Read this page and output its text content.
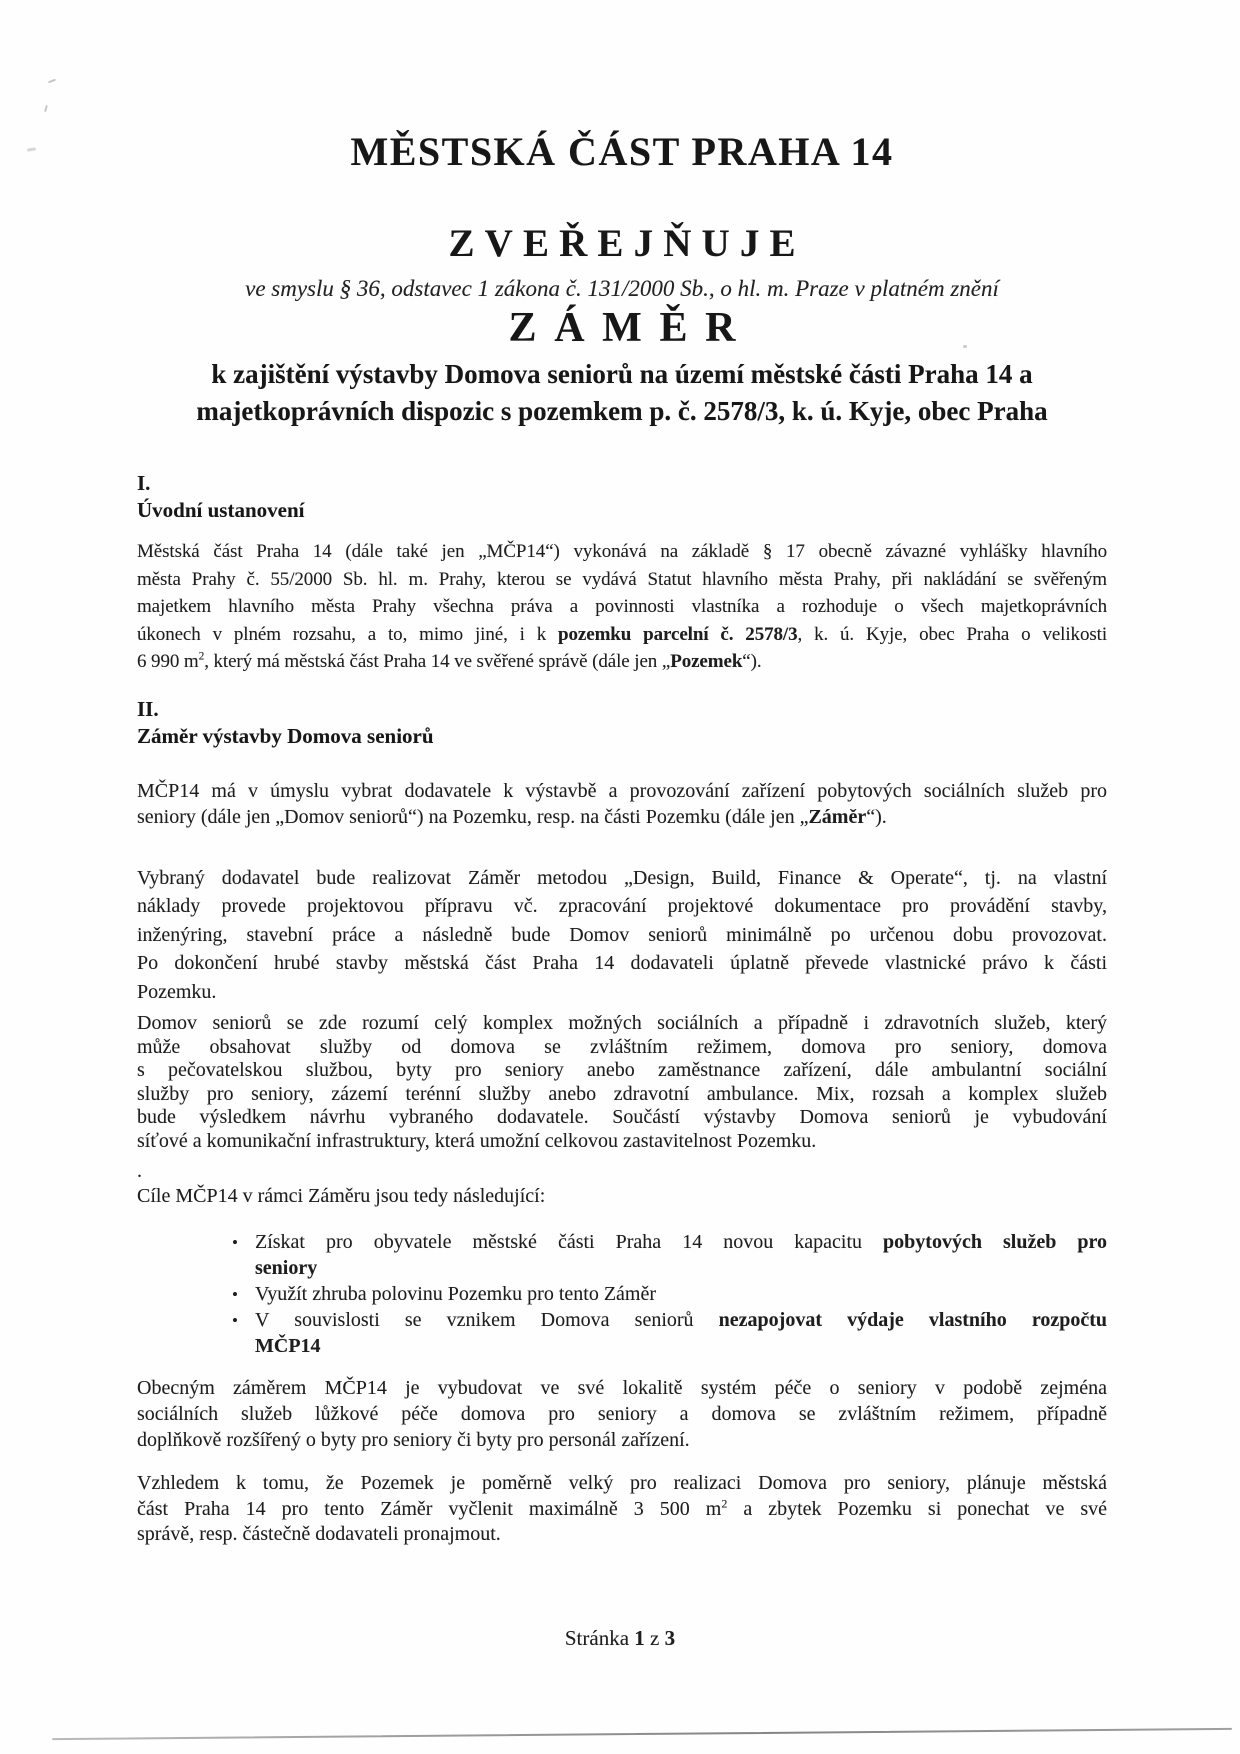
MĚSTSKÁ ČÁST PRAHA 14
ZVEŘEJŇUJE
ve smyslu § 36, odstavec 1 zákona č. 131/2000 Sb., o hl. m. Praze v platném znění
ZÁMĚR
k zajištění výstavby Domova seniorů na území městské části Praha 14 a
majetkoprávních dispozic s pozemkem p. č. 2578/3, k. ú. Kyje, obec Praha
I.
Úvodní ustanovení
Městská část Praha 14 (dále také jen „MČP14“) vykonává na základě § 17 obecně závazné vyhlášky hlavního
města Prahy č. 55/2000 Sb. hl. m. Prahy, kterou se vydává Statut hlavního města Prahy, při nakládání se svěřeným
majetkem hlavního města Prahy všechna práva a povinnosti vlastníka a rozhoduje o všech majetkoprávních
úkonech v plném rozsahu, a to, mimo jiné, i k pozemku parcelní č. 2578/3, k. ú. Kyje, obec Praha o velikosti
6 990 $m^2$, který má městská část Praha 14 ve svěřené správě (dále jen „Pozemek“).
II.
Záměr výstavby Domova seniorů
MČP14 má v úmyslu vybrat dodavatele k výstavbě a provozování zařízení pobytových sociálních služeb pro
seniory (dále jen „Domov seniorů“) na Pozemku, resp. na části Pozemku (dále jen „Záměr“).
Vybraný dodavatel bude realizovat Záměr metodou „Design, Build, Finance & Operate“, tj. na vlastní
náklady provede projektovou přípravu vč. zpracování projektové dokumentace pro provádění stavby,
inženýring, stavební práce a následně bude Domov seniorů minimálně po určenou dobu provozovat.
Po dokončení hrubé stavby městská část Praha 14 dodavateli úplatně převede vlastnické právo k části
Pozemku.
Domov seniorů se zde rozumí celý komplex možných sociálních a případně i zdravotních služeb, který
může obsahovat služby od domova se zvláštním režimem, domova pro seniory, domova
s pečovatelskou službou, byty pro seniory anebo zaměstnance zařízení, dále ambulantní sociální
služby pro seniory, zázemí terénní služby anebo zdravotní ambulance. Mix, rozsah a komplex služeb
bude výsledkem návrhu vybraného dodavatele. Součástí výstavby Domova seniorů je vybudování
síťové a komunikační infrastruktury, která umožní celkovou zastavitelnost Pozemku.
.
Cíle MČP14 v rámci Záměru jsou tedy následující:
• Získat pro obyvatele městské části Praha 14 novou kapacitu pobytových služeb pro
seniory
• Využít zhruba polovinu Pozemku pro tento Záměr
• V souvislosti se vznikem Domova seniorů nezapojovat výdaje vlastního rozpočtu
MČP14
Obecným záměrem MČP14 je vybudovat ve své lokalitě systém péče o seniory v podobě zejména
sociálních služeb lůžkové péče domova pro seniory a domova se zvláštním režimem, případně
doplňkově rozšířený o byty pro seniory či byty pro personál zařízení.
Vzhledem k tomu, že Pozemek je poměrně velký pro realizaci Domova pro seniory, plánuje městská
část Praha 14 pro tento Záměr vyčlenit maximálně 3 500 $m^2$ a zbytek Pozemku si ponechat ve své
správě, resp. částečně dodavateli pronajmout.
Stránka 1 z 3
